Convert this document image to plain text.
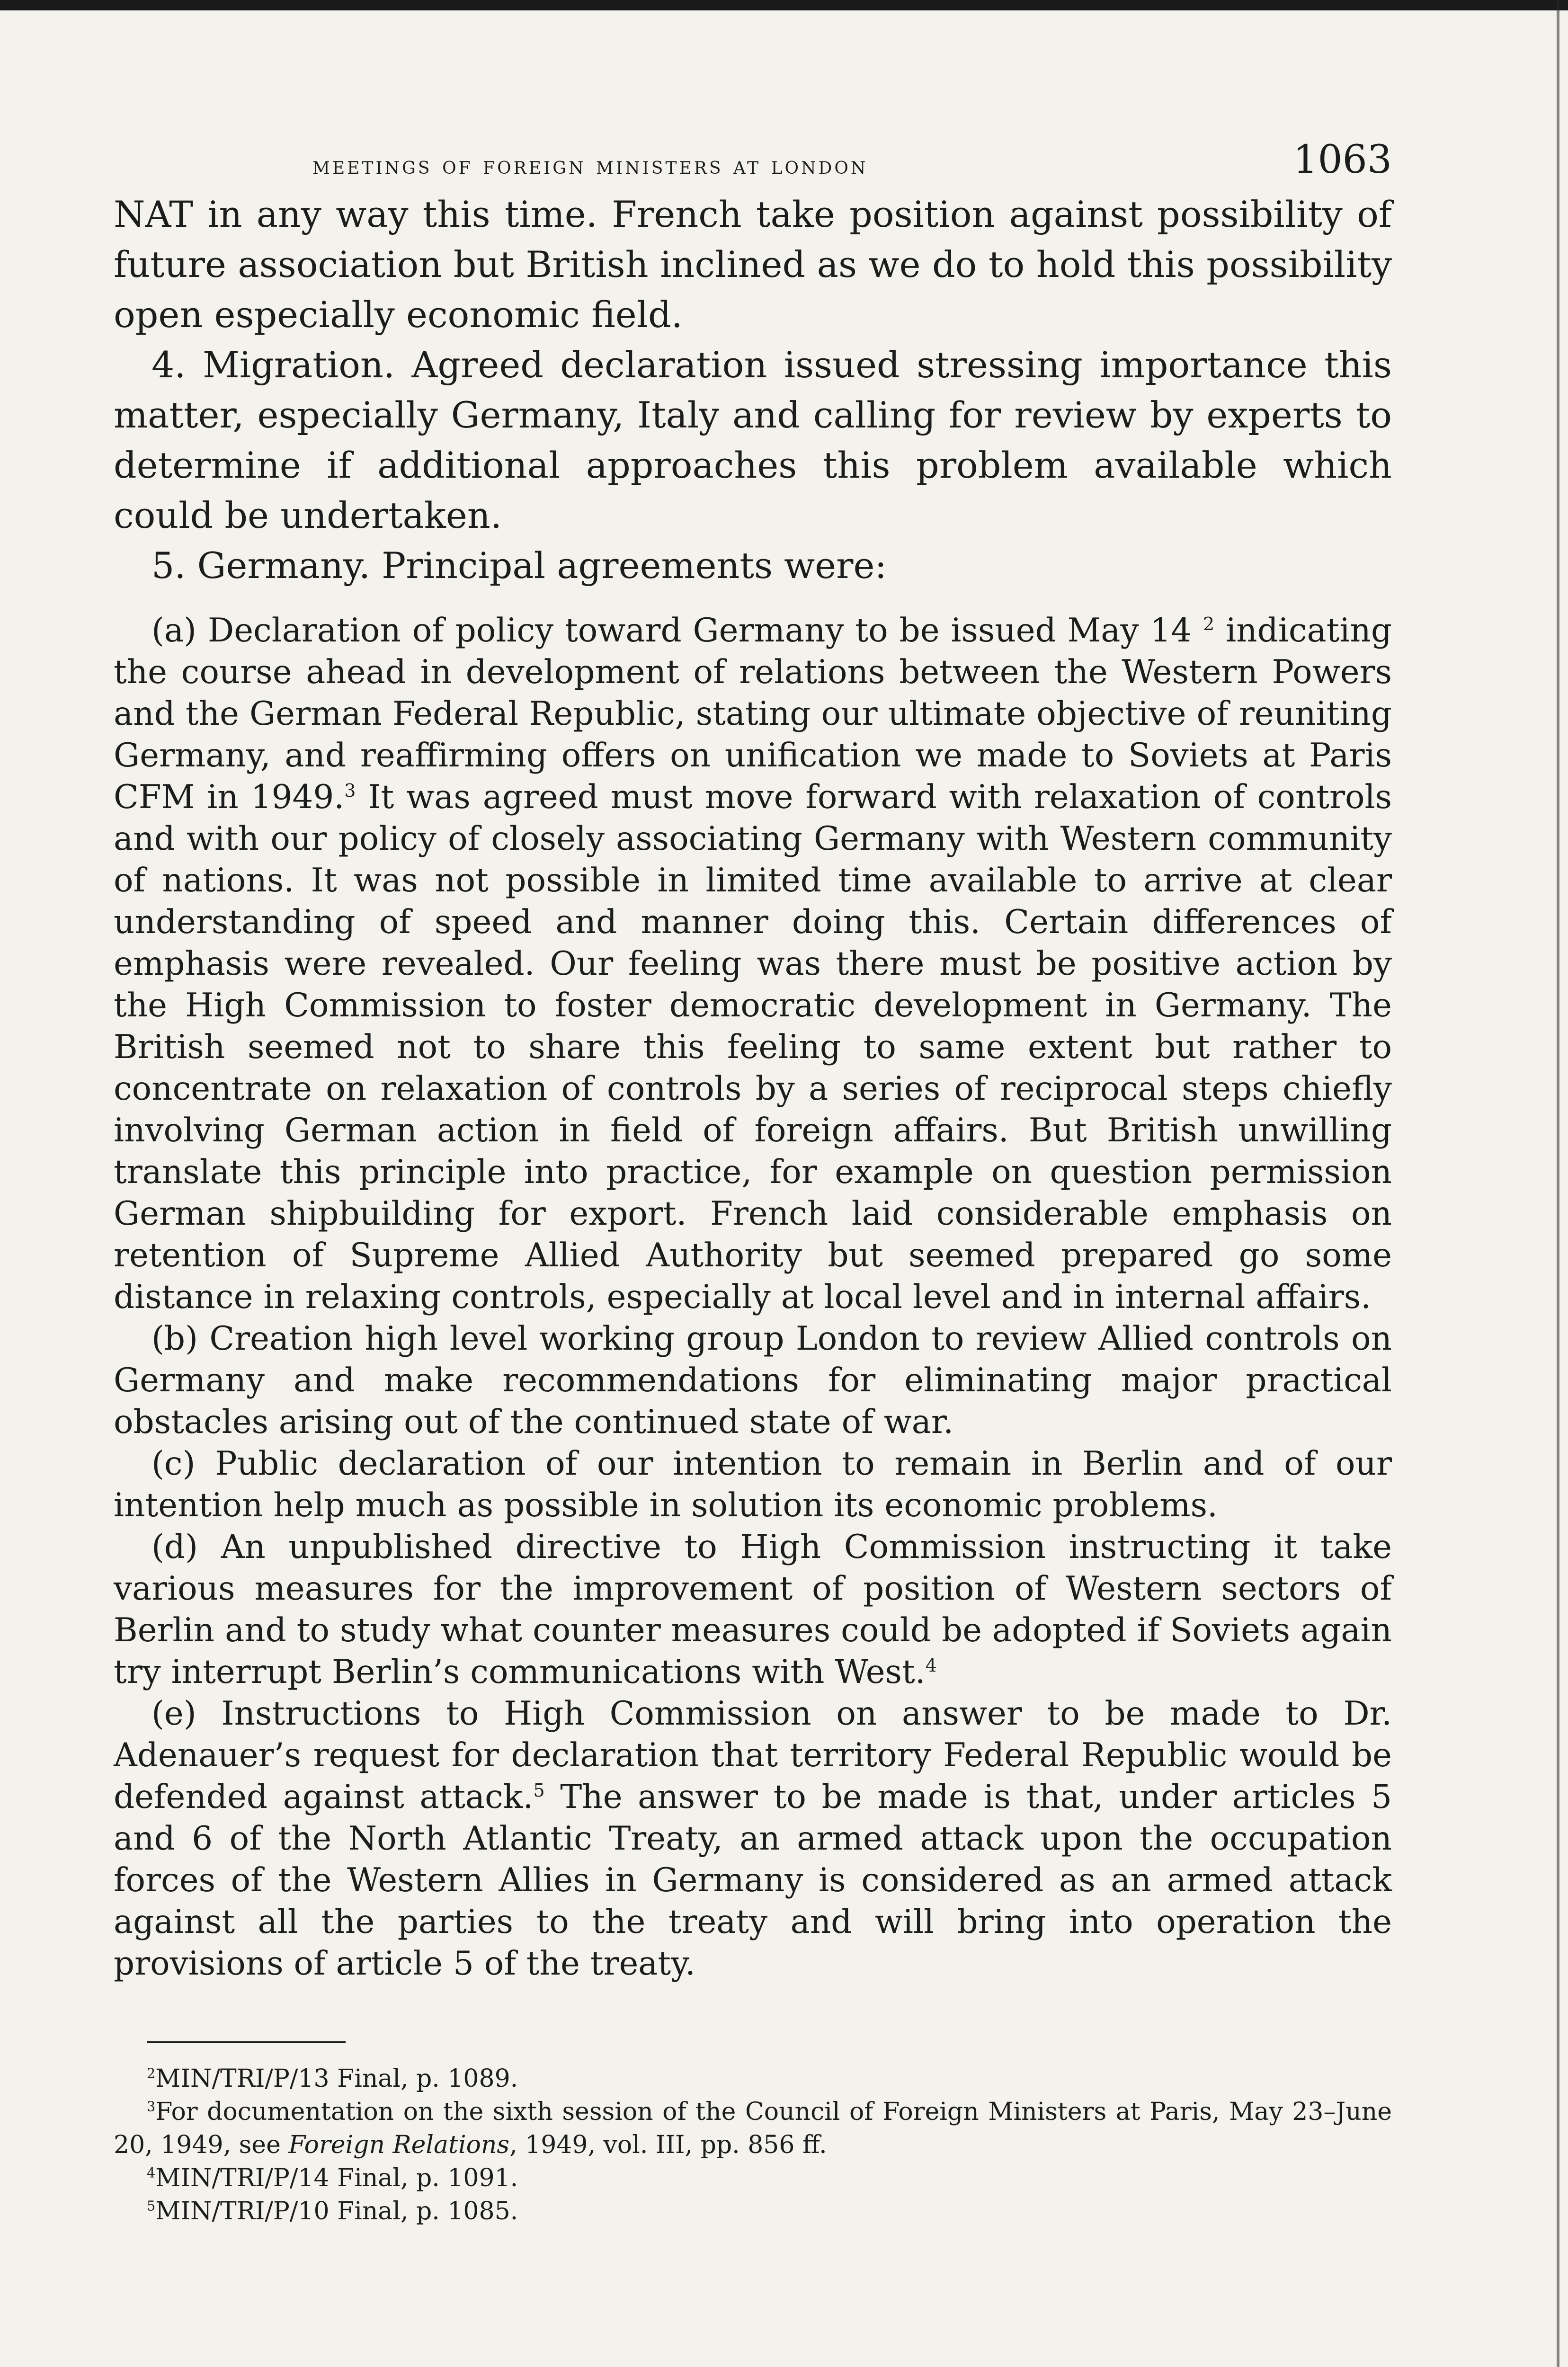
meetings of foreign ministers at london	1063

NAT in any way this time. French take position against possibility of future association but British inclined as we do to hold this possibility open especially economic field.

4. Migration. Agreed declaration issued stressing importance this matter, especially Germany, Italy and calling for review by experts to determine if additional approaches this problem available which could be undertaken.

5. Germany. Principal agreements were:

(a) Declaration of policy toward Germany to be issued May 14 $^2$ indicating the course ahead in development of relations between the Western Powers and the German Federal Republic, stating our ultimate objective of reuniting Germany, and reaffirming offers on unification we made to Soviets at Paris CFM in 1949.$^3$ It was agreed must move forward with relaxation of controls and with our policy of closely associating Germany with Western community of nations. It was not possible in limited time available to arrive at clear understanding of speed and manner doing this. Certain differences of emphasis were revealed. Our feeling was there must be positive action by the High Commission to foster democratic development in Germany. The British seemed not to share this feeling to same extent but rather to concentrate on relaxation of controls by a series of reciprocal steps chiefly involving German action in field of foreign affairs. But British unwilling translate this principle into practice, for example on question permission German shipbuilding for export. French laid considerable emphasis on retention of Supreme Allied Authority but seemed prepared go some distance in relaxing controls, especially at local level and in internal affairs.

(b) Creation high level working group London to review Allied controls on Germany and make recommendations for eliminating major practical obstacles arising out of the continued state of war.

(c) Public declaration of our intention to remain in Berlin and of our intention help much as possible in solution its economic problems.

(d) An unpublished directive to High Commission instructing it take various measures for the improvement of position of Western sectors of Berlin and to study what counter measures could be adopted if Soviets again try interrupt Berlin’s communications with West.$^4$

(e) Instructions to High Commission on answer to be made to Dr. Adenauer’s request for declaration that territory Federal Republic would be defended against attack.$^5$ The answer to be made is that, under articles 5 and 6 of the North Atlantic Treaty, an armed attack upon the occupation forces of the Western Allies in Germany is considered as an armed attack against all the parties to the treaty and will bring into operation the provisions of article 5 of the treaty.

$^2$MIN/TRI/P/13 Final, p. 1089.

$^3$For documentation on the sixth session of the Council of Foreign Ministers at Paris, May 23–June 20, 1949, see Foreign Relations, 1949, vol. III, pp. 856 ff.

$^4$MIN/TRI/P/14 Final, p. 1091.

$^5$MIN/TRI/P/10 Final, p. 1085.
